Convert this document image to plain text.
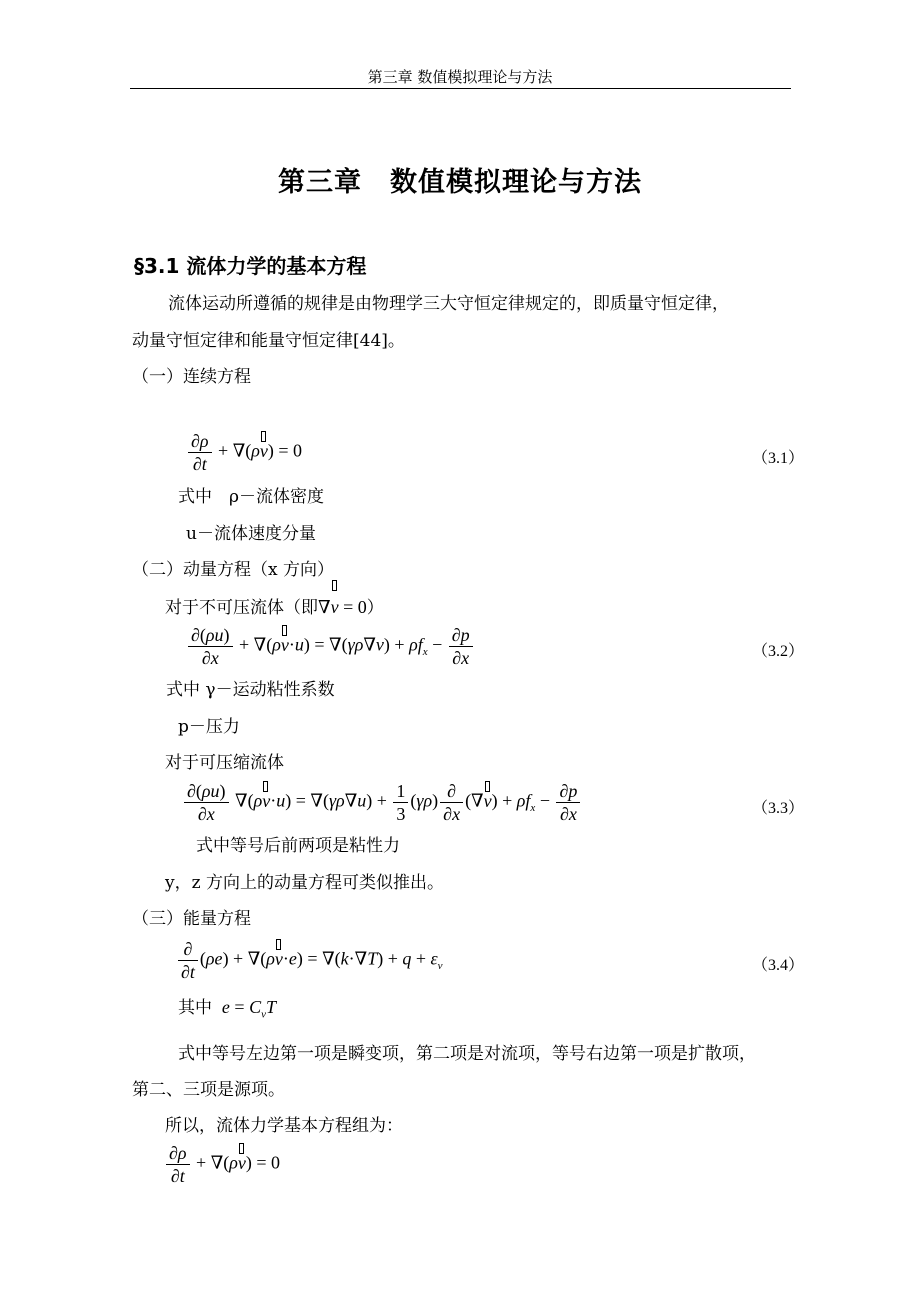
第三章 数值模拟理论与方法
第三章　数值模拟理论与方法
§3.1 流体力学的基本方程
流体运动所遵循的规律是由物理学三大守恒定律规定的，即质量守恒定律，
动量守恒定律和能量守恒定律[44]。
（一）连续方程
$\frac{\partial\rho}{\partial t} + \nabla(\rho$
v) = 0	（3.1）
式中　ρ－流体密度
u－流体速度分量
（二）动量方程（x 方向）
对于不可压流体（即∇
v = 0）
$\frac{\partial(\rho u)}{\partial x} + \nabla(\rho$
$v\cdot u) = \nabla(\gamma\rho\nabla v) + \rho f_x - \frac{\partial p}{\partial x}$	（3.2）
式中 γ－运动粘性系数
p－压力
对于可压缩流体
$\frac{\partial(\rho u)}{\partial x} \nabla(\rho$
$v\cdot u) = \nabla(\gamma\rho\nabla u) + \frac{1}{3} (\gamma\rho) \frac{\partial}{\partial x}$ (∇
$v) + \rho f_x - \frac{\partial p}{\partial x}$	（3.3）
式中等号后前两项是粘性力
y，z 方向上的动量方程可类似推出。
（三）能量方程
$\frac{\partial}{\partial t} (\rho e) + \nabla(\rho$
$v\cdot e) = \nabla(k\cdot\nabla T) + q + \varepsilon_v$	（3.4）
其中 $e = C_vT$
式中等号左边第一项是瞬变项，第二项是对流项，等号右边第一项是扩散项，
第二、三项是源项。
所以，流体力学基本方程组为：
$\frac{\partial\rho}{\partial t} + \nabla(\rho$
v) = 0
